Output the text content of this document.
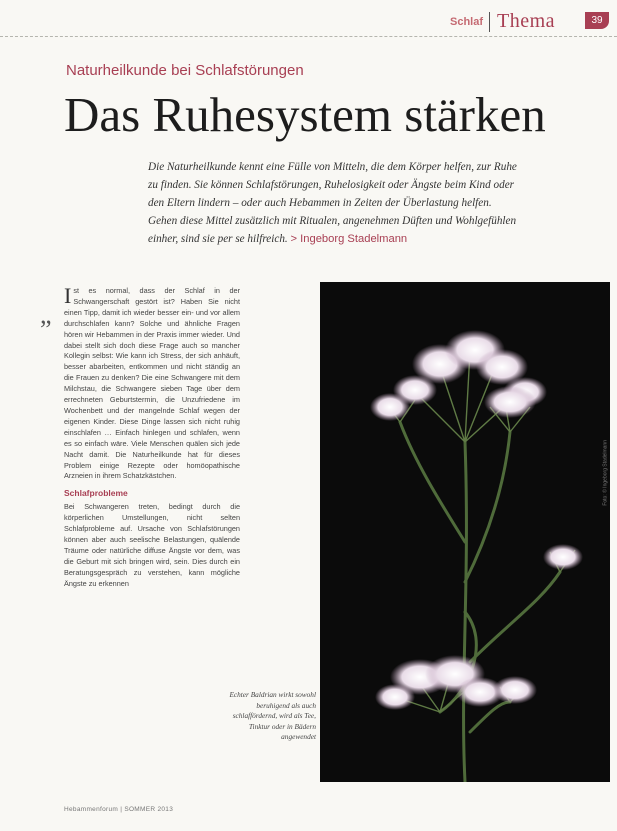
Schlaf Thema	39
Naturheilkunde bei Schlafstörungen
Das Ruhesystem stärken
Die Naturheilkunde kennt eine Fülle von Mitteln, die dem Körper helfen, zur Ruhe zu finden. Sie können Schlafstörungen, Ruhelosigkeit oder Ängste beim Kind oder den Eltern lindern – oder auch Hebammen in Zeiten der Überlastung helfen. Gehen diese Mittel zusätzlich mit Ritualen, angenehmen Düften und Wohlgefühlen einher, sind sie per se hilfreich. > Ingeborg Stadelmann
„

I st es normal, dass der Schlaf in der Schwangerschaft gestört ist? Haben Sie nicht einen Tipp, damit ich wieder besser ein- und vor allem durchschlafen kann? Solche und ähnliche Fragen hören wir Hebammen in der Praxis immer wieder. Und dabei stellt sich doch diese Frage auch so mancher Kollegin selbst: Wie kann ich Stress, der sich anhäuft, besser abarbeiten, entkommen und nicht ständig an die Frauen zu denken? Die eine Schwangere mit dem Milchstau, die Schwangere sieben Tage über dem errechneten Geburtstermin, die Unzufriedene im Wochenbett und der mangelnde Schlaf wegen der eigenen Kinder. Diese Dinge lassen sich nicht ruhig einschlafen … Einfach hinlegen und schlafen, wenn es so einfach wäre. Viele Menschen quälen sich jede Nacht damit. Die Naturheilkunde hat für dieses Problem einige Rezepte oder homöopathische Arzneien in ihrem Schatzkästchen.

Schlafprobleme

Bei Schwangeren treten, bedingt durch die körperlichen Umstellungen, nicht selten Schlafprobleme auf. Ursache von Schlafstörungen können aber auch seelische Belastungen, quälende Träume oder natürliche diffuse Ängste vor dem, was die Geburt mit sich bringen wird, sein. Dies durch ein Beratungsgespräch zu verstehen, kann mögliche Ängste zu erkennen

Foto: © Ingeborg Stadelmann
Echter Baldrian wirkt sowohl beruhigend als auch schlaffördernd, wird als Tee, Tinktur oder in Bädern angewendet
Hebammenforum | SOMMER 2013
